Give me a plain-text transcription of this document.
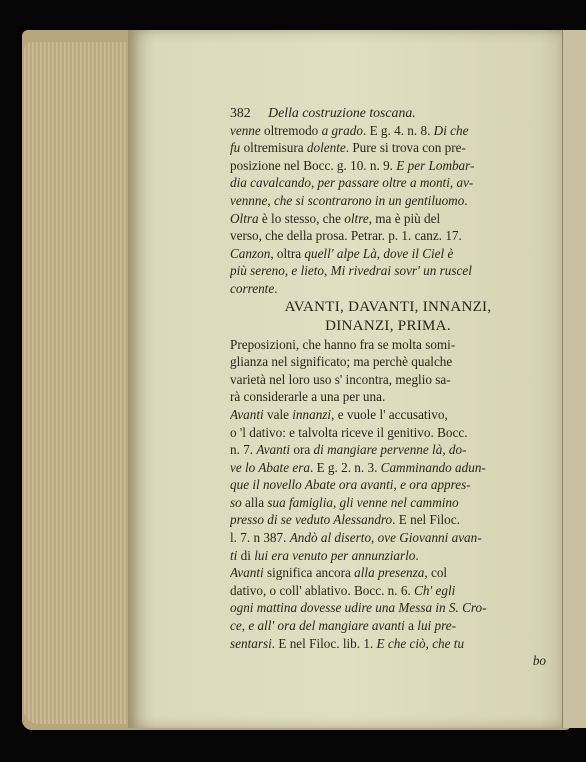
382 Della costruzione toscana.
venne oltremodo a grado. E g. 4. n. 8. Di che
fu oltremisura dolente. Pure si trova con pre-
posizione nel Bocc. g. 10. n. 9. E per Lombar-
dia cavalcando, per passare oltre a monti, av-
vennne, che si scontrarono in un gentiluomo.
Oltra è lo stesso, che oltre, ma è più del
verso, che della prosa. Petrar. p. 1. canz. 17.
Canzon, oltra quell' alpe Là, dove il Ciel è
più sereno, e lieto, Mi rivedrai sovr' un ruscel
corrente.
AVANTI, DAVANTI, INNANZI,
DINANZI, PRIMA.
Preposizioni, che hanno fra se molta somi-
glianza nel significato; ma perchè qualche
varietà nel loro uso s' incontra, meglio sa-
rà considerarle a una per una.
Avanti vale innanzi, e vuole l' accusativo,
o 'l dativo: e talvolta riceve il genitivo. Bocc.
n. 7. Avanti ora di mangiare pervenne là, do-
ve lo Abate era. E g. 2. n. 3. Camminando adun-
que il novello Abate ora avanti, e ora appres-
so alla sua famiglia, gli venne nel cammino
presso di se veduto Alessandro. E nel Filoc.
l. 7. n 387. Andò al diserto, ove Giovanni avan-
ti di lui era venuto per annunziarlo.
Avanti significa ancora alla presenza, col
dativo, o coll' ablativo. Bocc. n. 6. Ch' egli
ogni mattina dovesse udire una Messa in S. Cro-
ce, e all' ora del mangiare avanti a lui pre-
sentarsi. E nel Filoc. lib. 1. E che ciò, che tu
bo
